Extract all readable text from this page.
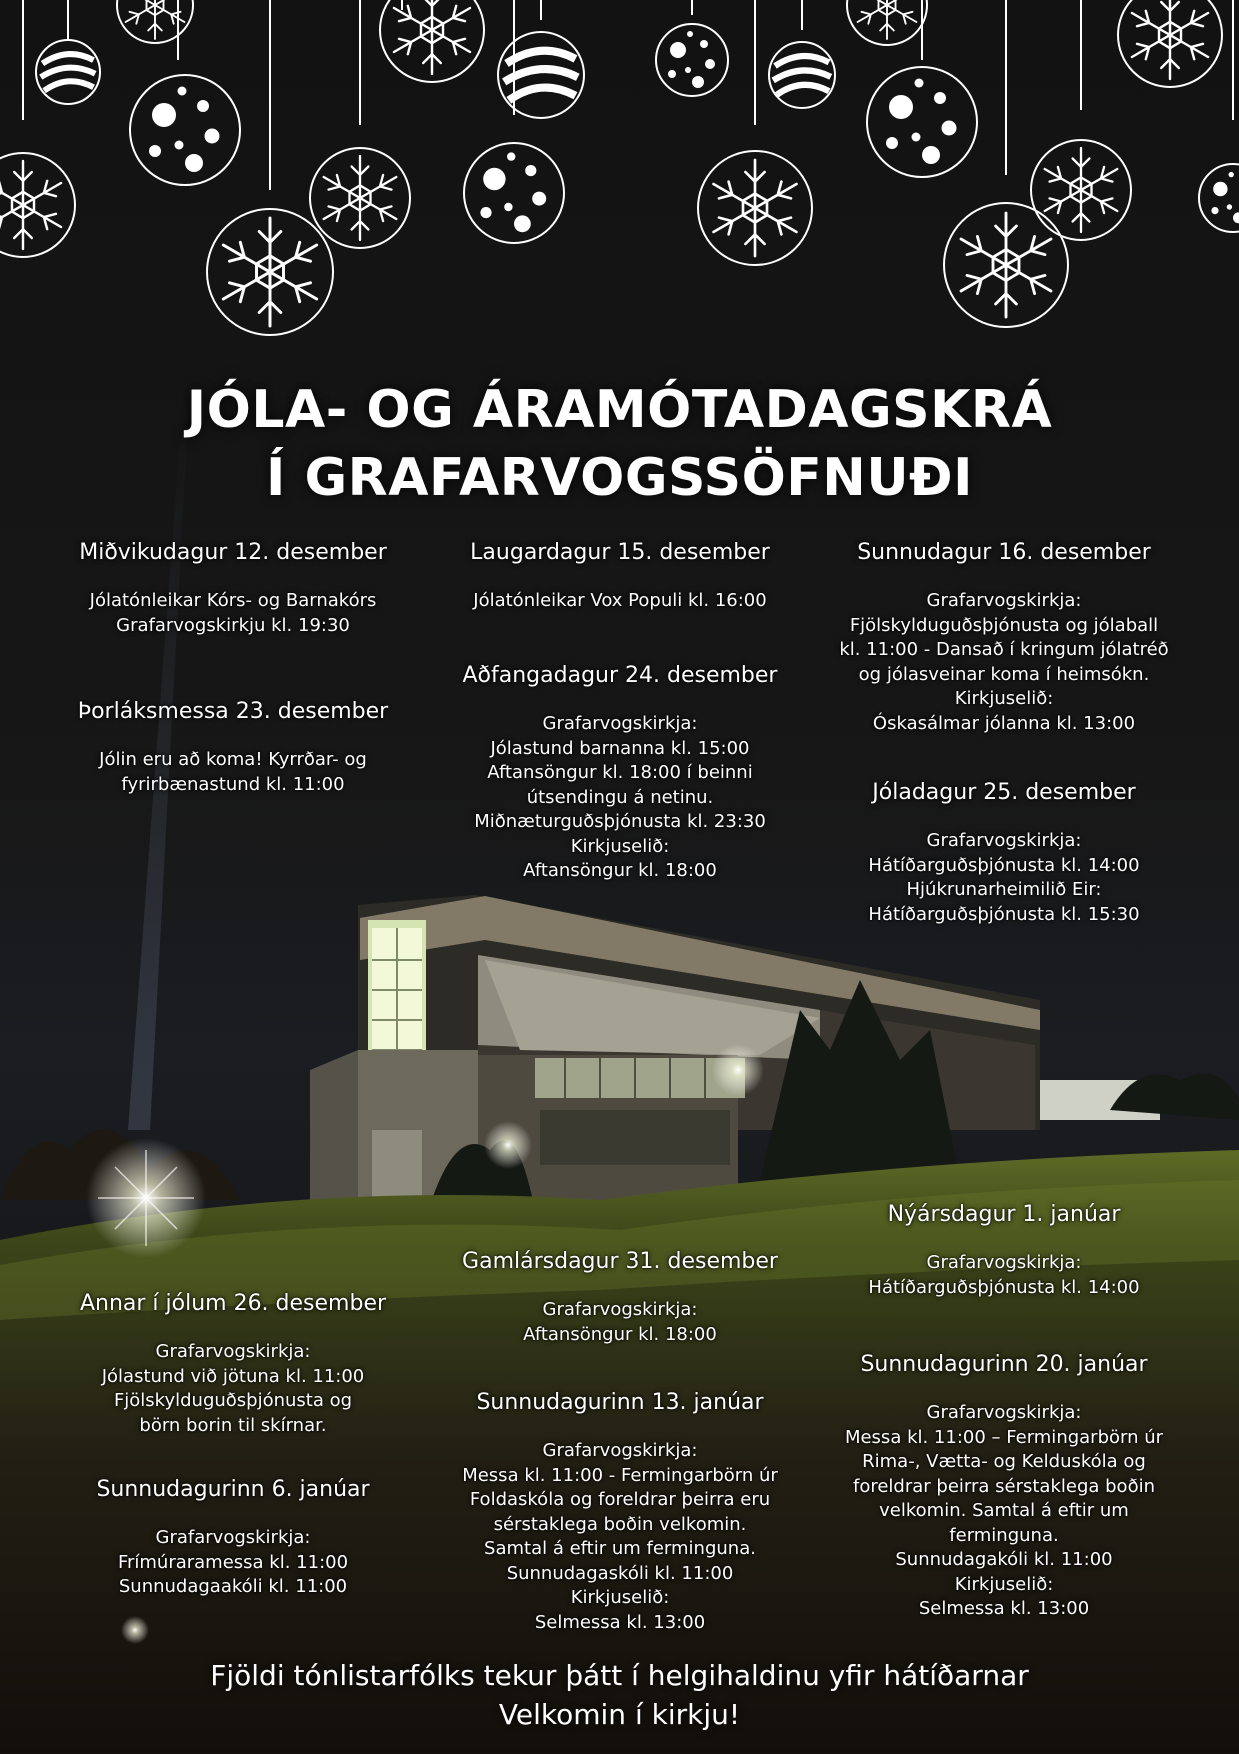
JÓLA- OG ÁRAMÓTADAGSKRÁ
Í GRAFARVOGSSÖFNUÐI
Miðvikudagur 12. desember

Jólatónleikar Kórs- og Barnakórs

Grafarvogskirkju kl. 19:30

Þorláksmessa 23. desember

Jólin eru að koma! Kyrrðar- og

fyrirbænastund kl. 11:00

Annar í jólum 26. desember

Grafarvogskirkja:

Jólastund við jötuna kl. 11:00

Fjölskylduguðsþjónusta og

börn borin til skírnar.

Sunnudagurinn 6. janúar

Grafarvogskirkja:

Frímúraramessa kl. 11:00

Sunnudagaakóli kl. 11:00

Laugardagur 15. desember

Jólatónleikar Vox Populi kl. 16:00

Aðfangadagur 24. desember

Grafarvogskirkja:

Jólastund barnanna kl. 15:00

Aftansöngur kl. 18:00 í beinni

útsendingu á netinu.

Miðnæturguðsþjónusta kl. 23:30

Kirkjuselið:

Aftansöngur kl. 18:00

Gamlársdagur 31. desember

Grafarvogskirkja:

Aftansöngur kl. 18:00

Sunnudagurinn 13. janúar

Grafarvogskirkja:

Messa kl. 11:00 - Fermingarbörn úr

Foldaskóla og foreldrar þeirra eru

sérstaklega boðin velkomin.

Samtal á eftir um ferminguna.

Sunnudagaskóli kl. 11:00

Kirkjuselið:

Selmessa kl. 13:00

Sunnudagur 16. desember

Grafarvogskirkja:

Fjölskylduguðsþjónusta og jólaball

kl. 11:00 - Dansað í kringum jólatréð

og jólasveinar koma í heimsókn.

Kirkjuselið:

Óskasálmar jólanna kl. 13:00

Jóladagur 25. desember

Grafarvogskirkja:

Hátíðarguðsþjónusta kl. 14:00

Hjúkrunarheimilið Eir:

Hátíðarguðsþjónusta kl. 15:30

Nýársdagur 1. janúar

Grafarvogskirkja:

Hátíðarguðsþjónusta kl. 14:00

Sunnudagurinn 20. janúar

Grafarvogskirkja:

Messa kl. 11:00 – Fermingarbörn úr

Rima-, Vætta- og Kelduskóla og

foreldrar þeirra sérstaklega boðin

velkomin. Samtal á eftir um

ferminguna.

Sunnudagakóli kl. 11:00

Kirkjuselið:

Selmessa kl. 13:00

Fjöldi tónlistarfólks tekur þátt í helgihaldinu yfir hátíðarnar
Velkomin í kirkju!
